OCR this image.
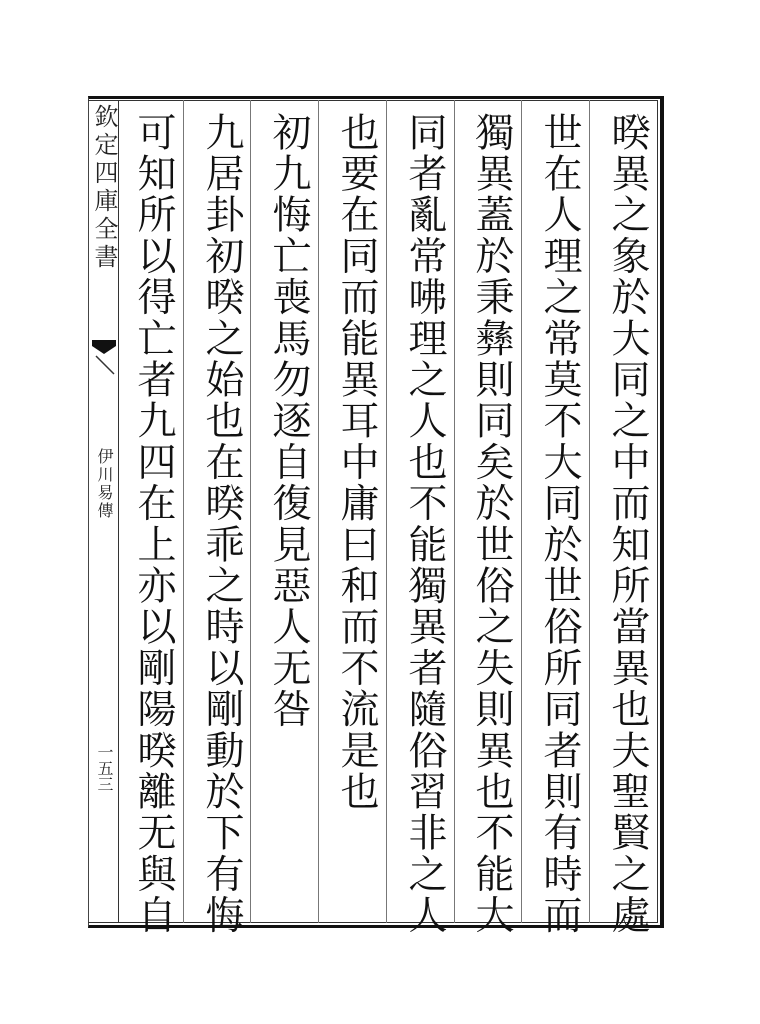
欽定四庫全書
伊川易傳
一五三	暌異之象於大同之中而知所當異也夫聖賢之處
世在人理之常莫不大同於世俗所同者則有時而
獨異蓋於秉彝則同矣於世俗之失則異也不能大
同者亂常咈理之人也不能獨異者隨俗習非之人
也要在同而能異耳中庸曰和而不流是也
初九悔亡喪馬勿逐自復見惡人无咎
九居卦初暌之始也在暌乖之時以剛動於下有悔
可知所以得亡者九四在上亦以剛陽暌離无與自
